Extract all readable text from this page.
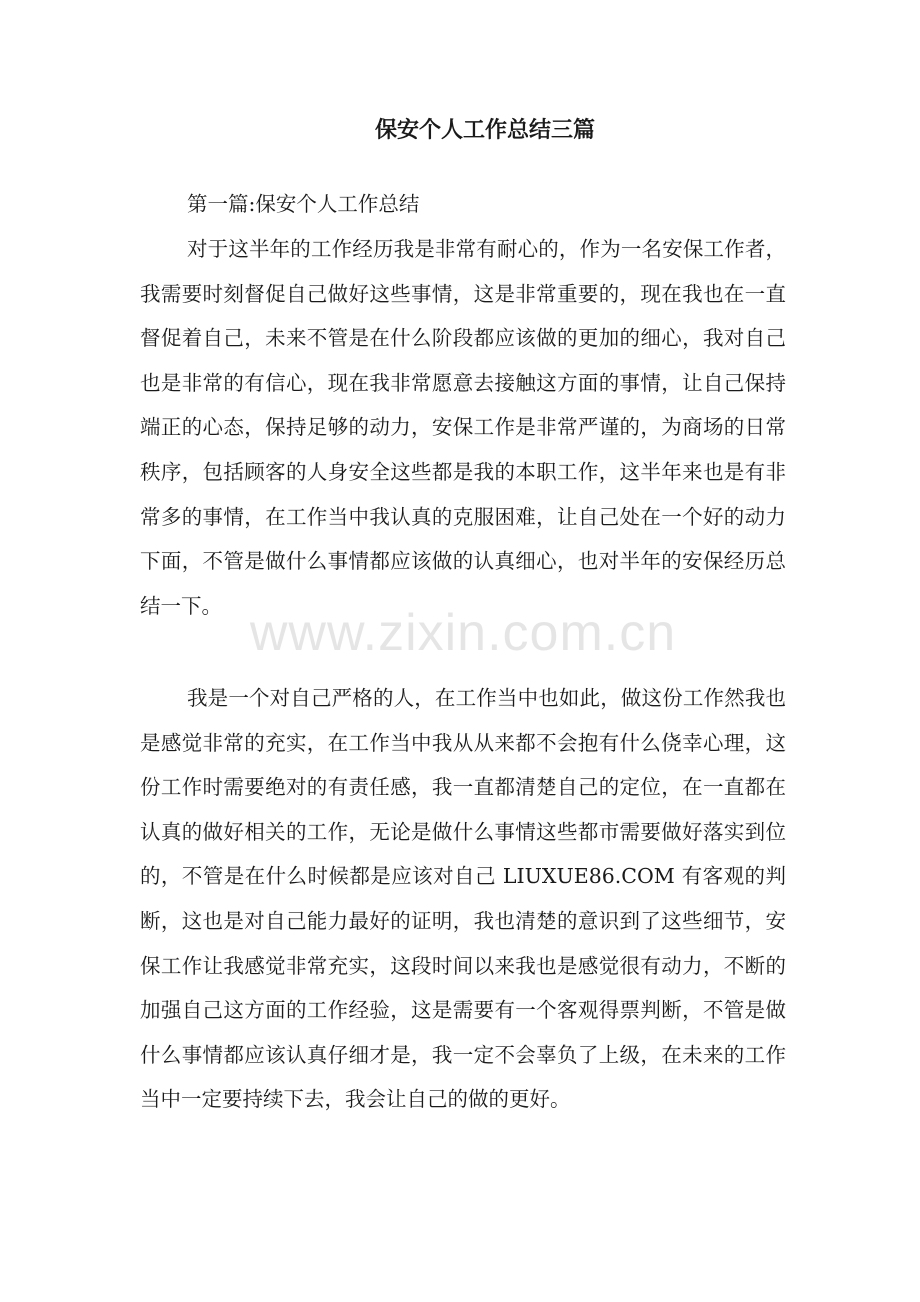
保安个人工作总结三篇

第一篇:保安个人工作总结

对于这半年的工作经历我是非常有耐心的，作为一名安保工作者，我需要时刻督促自己做好这些事情，这是非常重要的，现在我也在一直督促着自己，未来不管是在什么阶段都应该做的更加的细心，我对自己也是非常的有信心，现在我非常愿意去接触这方面的事情，让自己保持端正的心态，保持足够的动力，安保工作是非常严谨的，为商场的日常秩序，包括顾客的人身安全这些都是我的本职工作，这半年来也是有非常多的事情，在工作当中我认真的克服困难，让自己处在一个好的动力下面，不管是做什么事情都应该做的认真细心，也对半年的安保经历总结一下。

我是一个对自己严格的人，在工作当中也如此，做这份工作然我也是感觉非常的充实，在工作当中我从从来都不会抱有什么侥幸心理，这份工作时需要绝对的有责任感，我一直都清楚自己的定位，在一直都在认真的做好相关的工作，无论是做什么事情这些都市需要做好落实到位的，不管是在什么时候都是应该对自己 LIUXUE86.COM 有客观的判断，这也是对自己能力最好的证明，我也清楚的意识到了这些细节，安保工作让我感觉非常充实，这段时间以来我也是感觉很有动力，不断的加强自己这方面的工作经验，这是需要有一个客观得票判断，不管是做什么事情都应该认真仔细才是，我一定不会辜负了上级，在未来的工作当中一定要持续下去，我会让自己的做的更好。

www.zixin.com.cn
